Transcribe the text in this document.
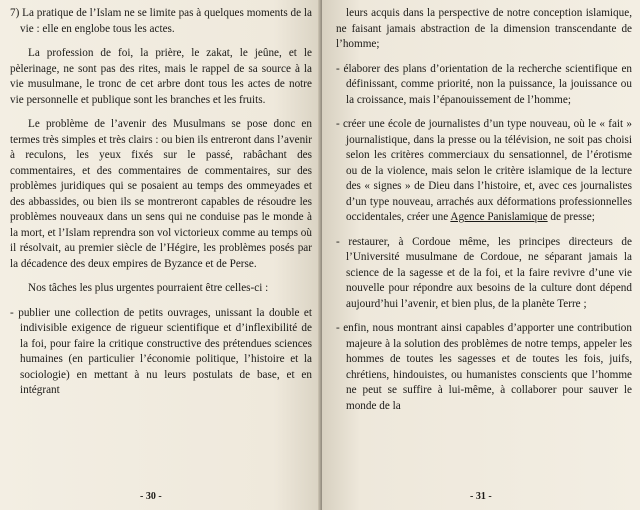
7) La pratique de l’Islam ne se limite pas à quelques moments de la vie : elle en englobe tous les actes.
La profession de foi, la prière, le zakat, le jeûne, et le pèlerinage, ne sont pas des rites, mais le rappel de sa source à la vie musulmane, le tronc de cet arbre dont tous les actes de notre vie personnelle et publique sont les branches et les fruits.
Le problème de l’avenir des Musulmans se pose donc en termes très simples et très clairs : ou bien ils entreront dans l’avenir à reculons, les yeux fixés sur le passé, rabâchant des commentaires, et des commentaires de commentaires, sur des problèmes juridiques qui se posaient au temps des ommeyades et des abbassides, ou bien ils se montreront capables de résoudre les problèmes nouveaux dans un sens qui ne conduise pas le monde à la mort, et l’Islam reprendra son vol victorieux comme au temps où il résolvait, au premier siècle de l’Hégire, les problèmes posés par la décadence des deux empires de Byzance et de Perse.
Nos tâches les plus urgentes pourraient être celles-ci :
- publier une collection de petits ouvrages, unissant la double et indivisible exigence de rigueur scientifique et d’inflexibilité de la foi, pour faire la critique constructive des prétendues sciences humaines (en particulier l’économie politique, l’histoire et la sociologie) en mettant à nu leurs postulats de base, et en intégrant
- 30 -
leurs acquis dans la perspective de notre conception islamique, ne faisant jamais abstraction de la dimension transcendante de l’homme;
- élaborer des plans d’orientation de la recherche scientifique en définissant, comme priorité, non la puissance, la jouissance ou la croissance, mais l’épanouissement de l’homme;
- créer une école de journalistes d’un type nouveau, où le « fait » journalistique, dans la presse ou la télévision, ne soit pas choisi selon les critères commerciaux du sensationnel, de l’érotisme ou de la violence, mais selon le critère islamique de la lecture des « signes » de Dieu dans l’histoire, et, avec ces journalistes d’un type nouveau, arrachés aux déformations professionnelles occidentales, créer une Agence Panislamique de presse;
- restaurer, à Cordoue même, les principes directeurs de l’Université musulmane de Cordoue, ne séparant jamais la science de la sagesse et de la foi, et la faire revivre d’une vie nouvelle pour répondre aux besoins de la culture dont dépend aujourd’hui l’avenir, et bien plus, de la planète Terre ;
- enfin, nous montrant ainsi capables d’apporter une contribution majeure à la solution des problèmes de notre temps, appeler les hommes de toutes les sagesses et de toutes les fois, juifs, chrétiens, hindouistes, ou humanistes conscients que l’homme ne peut se suffire à lui-même, à collaborer pour sauver le monde de la
- 31 -
